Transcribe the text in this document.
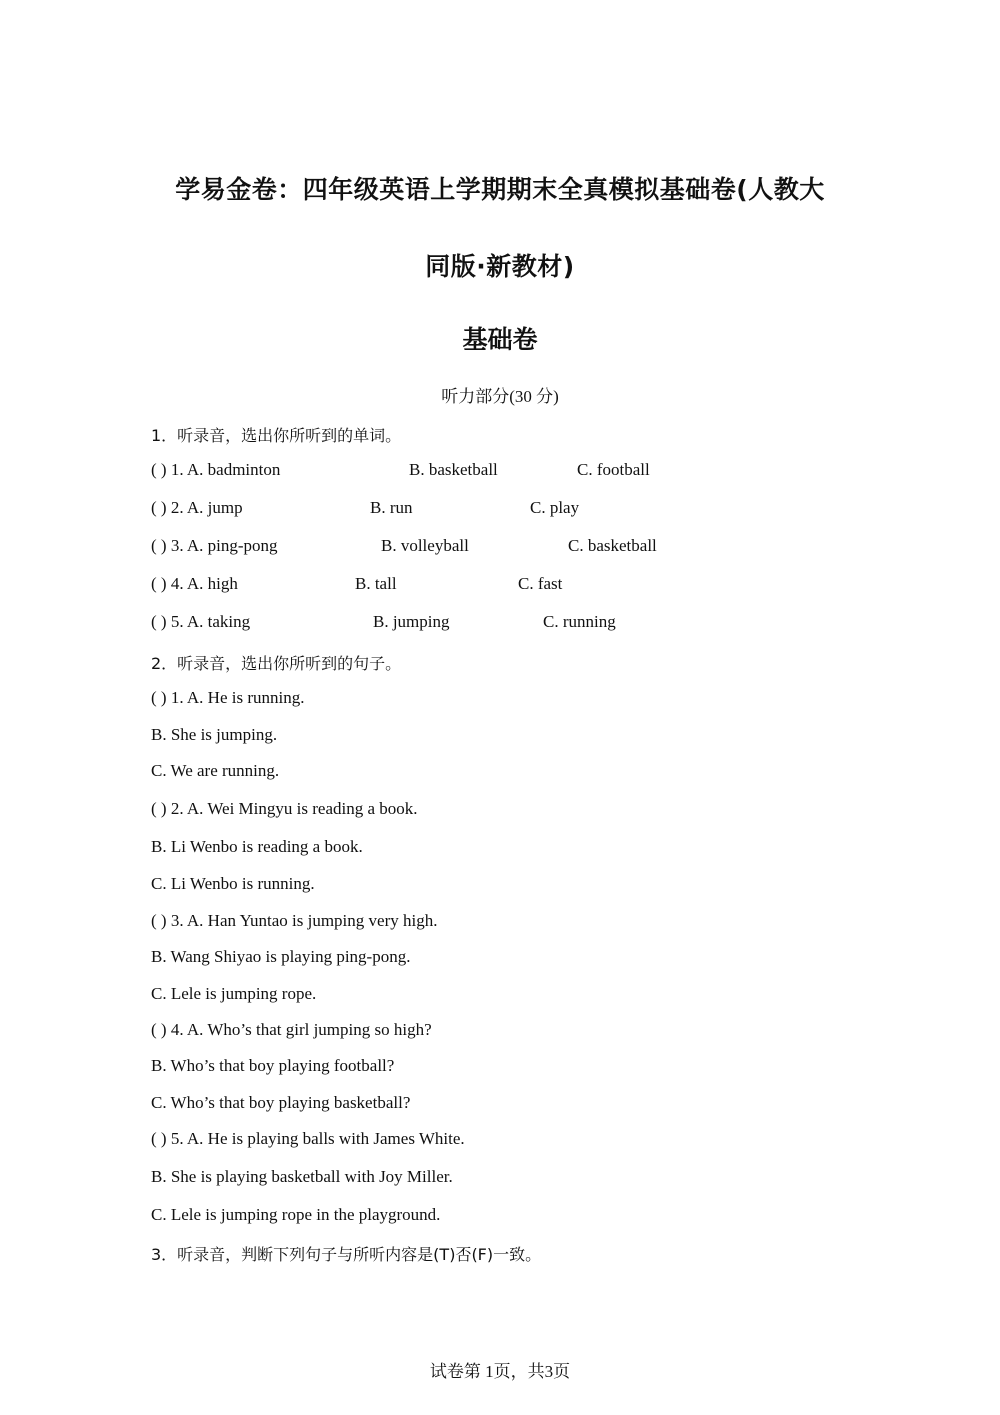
学易金卷：四年级英语上学期期末全真模拟基础卷(人教大
同版·新教材)
基础卷
听力部分(30 分)
1．听录音，选出你所听到的单词。
( ) 1. A. badminton	B. basketball	C. football
( ) 2. A. jump	B. run	C. play
( ) 3. A. ping-pong	B. volleyball	C. basketball
( ) 4. A. high	B. tall	C. fast
( ) 5. A. taking	B. jumping	C. running
2．听录音，选出你所听到的句子。
( ) 1. A. He is running.
B. She is jumping.
C. We are running.
( ) 2. A. Wei Mingyu is reading a book.
B. Li Wenbo is reading a book.
C. Li Wenbo is running.
( ) 3. A. Han Yuntao is jumping very high.
B. Wang Shiyao is playing ping-pong.
C. Lele is jumping rope.
( ) 4. A. Who’s that girl jumping so high?
B. Who’s that boy playing football?
C. Who’s that boy playing basketball?
( ) 5. A. He is playing balls with James White.
B. She is playing basketball with Joy Miller.
C. Lele is jumping rope in the playground.
3．听录音，判断下列句子与所听内容是(T)否(F)一致。
试卷第 1页，共3页
